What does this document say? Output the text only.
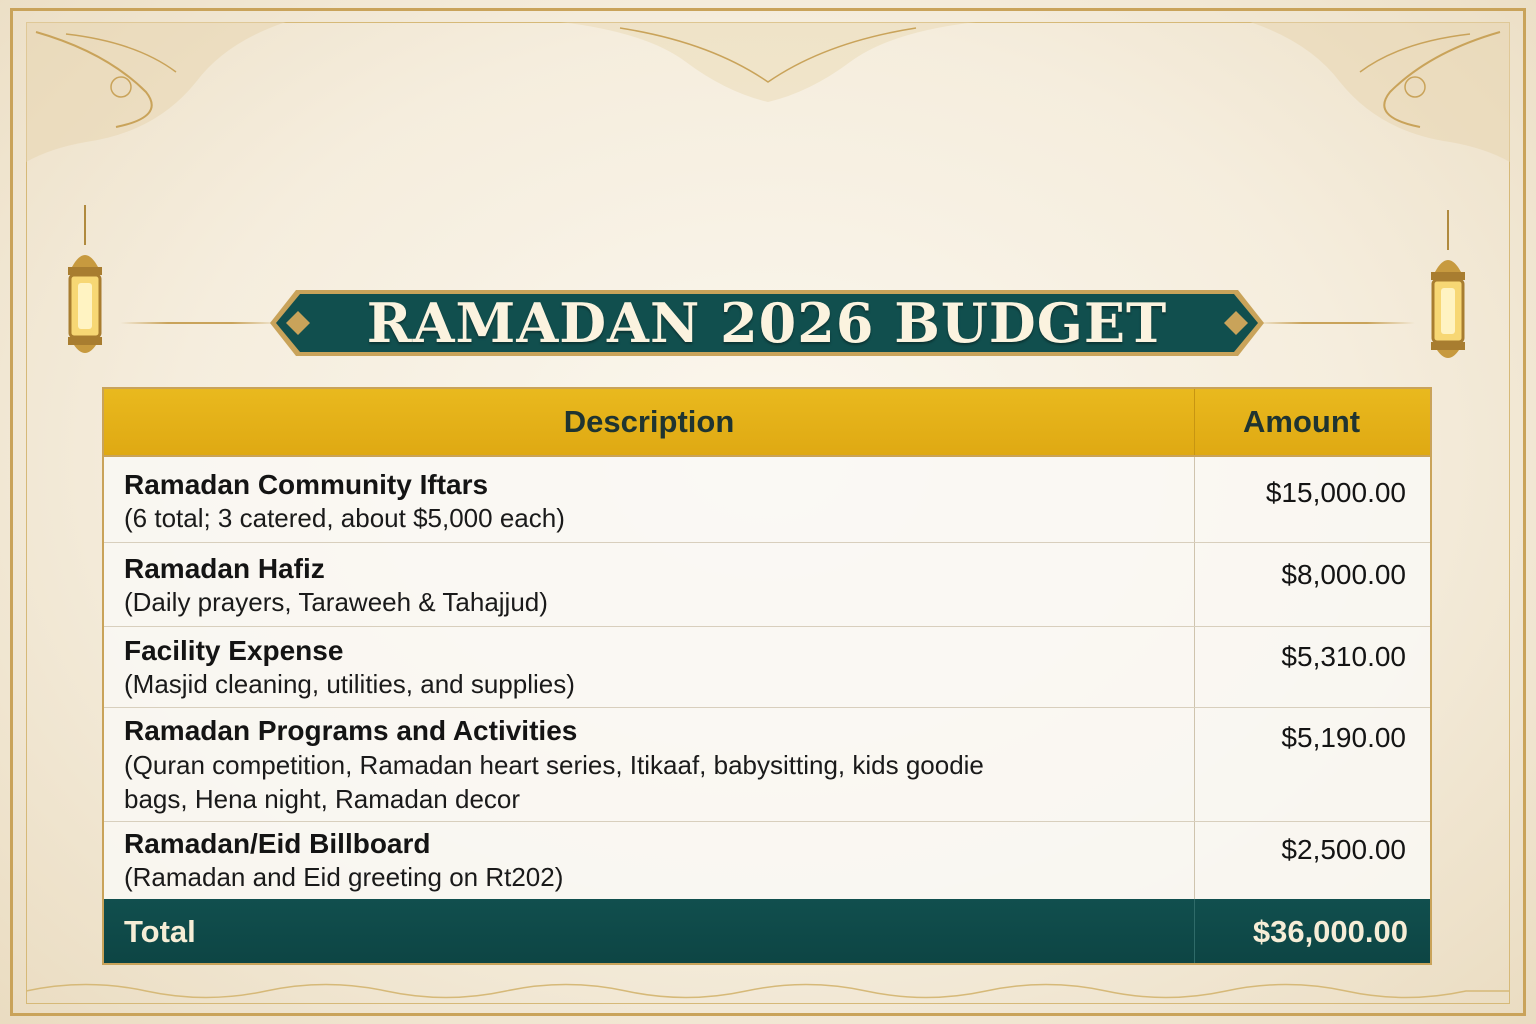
RAMADAN 2026 BUDGET
Description	Amount
Ramadan Community Iftars
(6 total; 3 catered, about $5,000 each)
$15,000.00
Ramadan Hafiz
(Daily prayers, Taraweeh & Tahajjud)
$8,000.00
Facility Expense
(Masjid cleaning, utilities, and supplies)
$5,310.00
Ramadan Programs and Activities
(Quran competition, Ramadan heart series, Itikaaf, babysitting, kids goodie bags, Hena night, Ramadan decor
$5,190.00
Ramadan/Eid Billboard
(Ramadan and Eid greeting on Rt202)
$2,500.00
Total	$36,000.00
